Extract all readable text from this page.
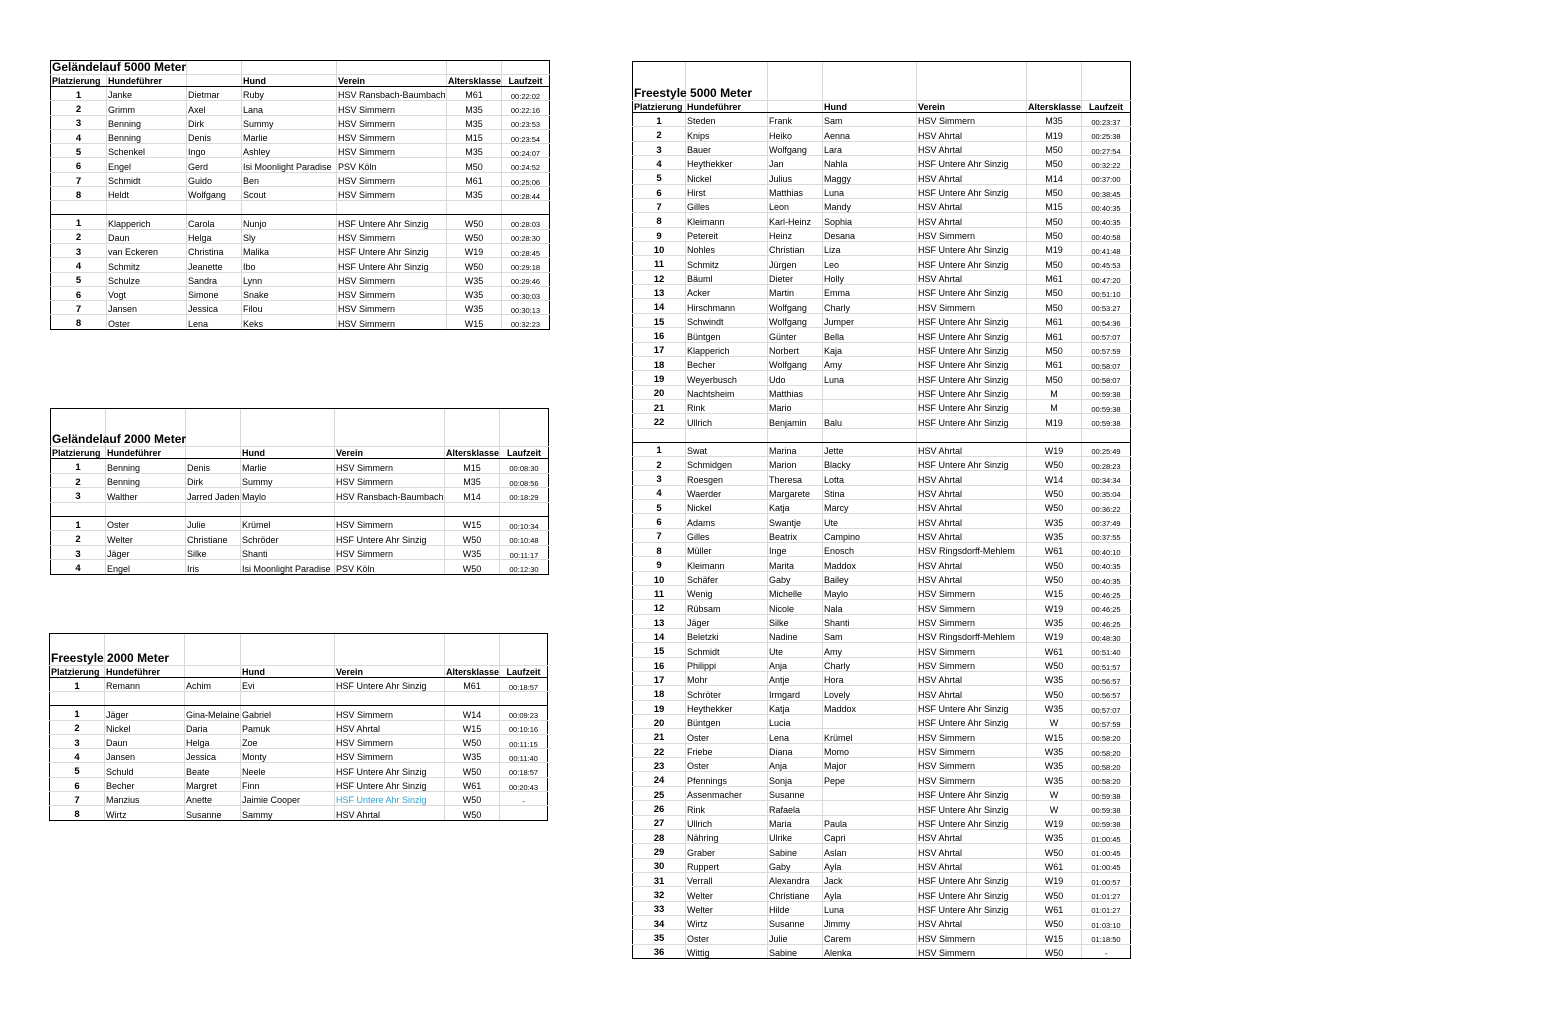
Geländelauf 5000 Meter						
Platzierung	Hundeführer		Hund	Verein	Altersklasse	Laufzeit
1	Janke	Dietmar	Ruby	HSV Ransbach-Baumbach	M61	00:22:02
2	Grimm	Axel	Lana	HSV Simmern	M35	00:22:16
3	Benning	Dirk	Summy	HSV Simmern	M35	00:23:53
4	Benning	Denis	Marlie	HSV Simmern	M15	00:23:54
5	Schenkel	Ingo	Ashley	HSV Simmern	M35	00:24:07
6	Engel	Gerd	Isi Moonlight Paradise	PSV Köln	M50	00:24:52
7	Schmidt	Guido	Ben	HSV Simmern	M61	00:25:06
8	Heldt	Wolfgang	Scout	HSV Simmern	M35	00:28:44

1	Klapperich	Carola	Nunjo	HSF Untere Ahr Sinzig	W50	00:28:03
2	Daun	Helga	Sly	HSV Simmern	W50	00:28:30
3	van Eckeren	Christina	Malika	HSF Untere Ahr Sinzig	W19	00:28:45
4	Schmitz	Jeanette	Ibo	HSF Untere Ahr Sinzig	W50	00:29:18
5	Schulze	Sandra	Lynn	HSV Simmern	W35	00:29:46
6	Vogt	Simone	Snake	HSV Simmern	W35	00:30:03
7	Jansen	Jessica	Filou	HSV Simmern	W35	00:30:13
8	Oster	Lena	Keks	HSV Simmern	W15	00:32:23
Geländelauf 2000 Meter						
Platzierung	Hundeführer		Hund	Verein	Altersklasse	Laufzeit
1	Benning	Denis	Marlie	HSV Simmern	M15	00:08:30
2	Benning	Dirk	Summy	HSV Simmern	M35	00:08:56
3	Walther	Jarred Jaden	Maylo	HSV Ransbach-Baumbach	M14	00:18:29

1	Oster	Julie	Krümel	HSV Simmern	W15	00:10:34
2	Welter	Christiane	Schröder	HSF Untere Ahr Sinzig	W50	00:10:48
3	Jäger	Silke	Shanti	HSV Simmern	W35	00:11:17
4	Engel	Iris	Isi Moonlight Paradise	PSV Köln	W50	00:12:30
Freestyle 2000 Meter						
Platzierung	Hundeführer		Hund	Verein	Altersklasse	Laufzeit
1	Remann	Achim	Evi	HSF Untere Ahr Sinzig	M61	00:18:57

1	Jäger	Gina-Melaine	Gabriel	HSV Simmern	W14	00:09:23
2	Nickel	Daria	Pamuk	HSV Ahrtal	W15	00:10:16
3	Daun	Helga	Zoe	HSV Simmern	W50	00:11:15
4	Jansen	Jessica	Monty	HSV Simmern	W35	00:11:40
5	Schuld	Beate	Neele	HSF Untere Ahr Sinzig	W50	00:18:57
6	Becher	Margret	Finn	HSF Untere Ahr Sinzig	W61	00:20:43
7	Manzius	Anette	Jaimie Cooper	HSF Untere Ahr Sinzig	W50	-
8	Wirtz	Susanne	Sammy	HSV Ahrtal	W50	
Freestyle 5000 Meter						
Platzierung	Hundeführer		Hund	Verein	Altersklasse	Laufzeit
1	Steden	Frank	Sam	HSV Simmern	M35	00:23:37
2	Knips	Heiko	Aenna	HSV Ahrtal	M19	00:25:38
3	Bauer	Wolfgang	Lara	HSV Ahrtal	M50	00:27:54
4	Heythekker	Jan	Nahla	HSF Untere Ahr Sinzig	M50	00:32:22
5	Nickel	Julius	Maggy	HSV Ahrtal	M14	00:37:00
6	Hirst	Matthias	Luna	HSF Untere Ahr Sinzig	M50	00:38:45
7	Gilles	Leon	Mandy	HSV Ahrtal	M15	00:40:35
8	Kleimann	Karl-Heinz	Sophia	HSV Ahrtal	M50	00:40:35
9	Petereit	Heinz	Desana	HSV Simmern	M50	00:40:58
10	Nohles	Christian	Liza	HSF Untere Ahr Sinzig	M19	00:41:48
11	Schmitz	Jürgen	Leo	HSF Untere Ahr Sinzig	M50	00:45:53
12	Bäuml	Dieter	Holly	HSV Ahrtal	M61	00:47:20
13	Acker	Martin	Emma	HSF Untere Ahr Sinzig	M50	00:51:10
14	Hirschmann	Wolfgang	Charly	HSV Simmern	M50	00:53:27
15	Schwindt	Wolfgang	Jumper	HSF Untere Ahr Sinzig	M61	00:54:36
16	Büntgen	Günter	Bella	HSF Untere Ahr Sinzig	M61	00:57:07
17	Klapperich	Norbert	Kaja	HSF Untere Ahr Sinzig	M50	00:57:59
18	Becher	Wolfgang	Amy	HSF Untere Ahr Sinzig	M61	00:58:07
19	Weyerbusch	Udo	Luna	HSF Untere Ahr Sinzig	M50	00:58:07
20	Nachtsheim	Matthias		HSF Untere Ahr Sinzig	M	00:59:38
21	Rink	Mario		HSF Untere Ahr Sinzig	M	00:59:38
22	Ullrich	Benjamin	Balu	HSF Untere Ahr Sinzig	M19	00:59:38

1	Swat	Marina	Jette	HSV Ahrtal	W19	00:25:49
2	Schmidgen	Marion	Blacky	HSF Untere Ahr Sinzig	W50	00:28:23
3	Roesgen	Theresa	Lotta	HSV Ahrtal	W14	00:34:34
4	Waerder	Margarete	Stina	HSV Ahrtal	W50	00:35:04
5	Nickel	Katja	Marcy	HSV Ahrtal	W50	00:36:22
6	Adams	Swantje	Ute	HSV Ahrtal	W35	00:37:49
7	Gilles	Beatrix	Campino	HSV Ahrtal	W35	00:37:55
8	Müller	Inge	Enosch	HSV Ringsdorff-Mehlem	W61	00:40:10
9	Kleimann	Marita	Maddox	HSV Ahrtal	W50	00:40:35
10	Schäfer	Gaby	Bailey	HSV Ahrtal	W50	00:40:35
11	Wenig	Michelle	Maylo	HSV Simmern	W15	00:46:25
12	Rübsam	Nicole	Nala	HSV Simmern	W19	00:46:25
13	Jäger	Silke	Shanti	HSV Simmern	W35	00:46:25
14	Beletzki	Nadine	Sam	HSV Ringsdorff-Mehlem	W19	00:48:30
15	Schmidt	Ute	Amy	HSV Simmern	W61	00:51:40
16	Philippi	Anja	Charly	HSV Simmern	W50	00:51:57
17	Mohr	Antje	Hora	HSV Ahrtal	W35	00:56:57
18	Schröter	Irmgard	Lovely	HSV Ahrtal	W50	00:56:57
19	Heythekker	Katja	Maddox	HSF Untere Ahr Sinzig	W35	00:57:07
20	Büntgen	Lucia		HSF Untere Ahr Sinzig	W	00:57:59
21	Oster	Lena	Krümel	HSV Simmern	W15	00:58:20
22	Friebe	Diana	Momo	HSV Simmern	W35	00:58:20
23	Oster	Anja	Major	HSV Simmern	W35	00:58:20
24	Pfennings	Sonja	Pepe	HSV Simmern	W35	00:58:20
25	Assenmacher	Susanne		HSF Untere Ahr Sinzig	W	00:59:38
26	Rink	Rafaela		HSF Untere Ahr Sinzig	W	00:59:38
27	Ullrich	Maria	Paula	HSF Untere Ahr Sinzig	W19	00:59:38
28	Nähring	Ulrike	Capri	HSV Ahrtal	W35	01:00:45
29	Graber	Sabine	Aslan	HSV Ahrtal	W50	01:00:45
30	Ruppert	Gaby	Ayla	HSV Ahrtal	W61	01:00:45
31	Verrall	Alexandra	Jack	HSF Untere Ahr Sinzig	W19	01:00:57
32	Welter	Christiane	Ayla	HSF Untere Ahr Sinzig	W50	01:01:27
33	Welter	Hilde	Luna	HSF Untere Ahr Sinzig	W61	01:01:27
34	Wirtz	Susanne	Jimmy	HSV Ahrtal	W50	01:03:10
35	Oster	Julie	Carem	HSV Simmern	W15	01:18:50
36	Wittig	Sabine	Alenka	HSV Simmern	W50	-
